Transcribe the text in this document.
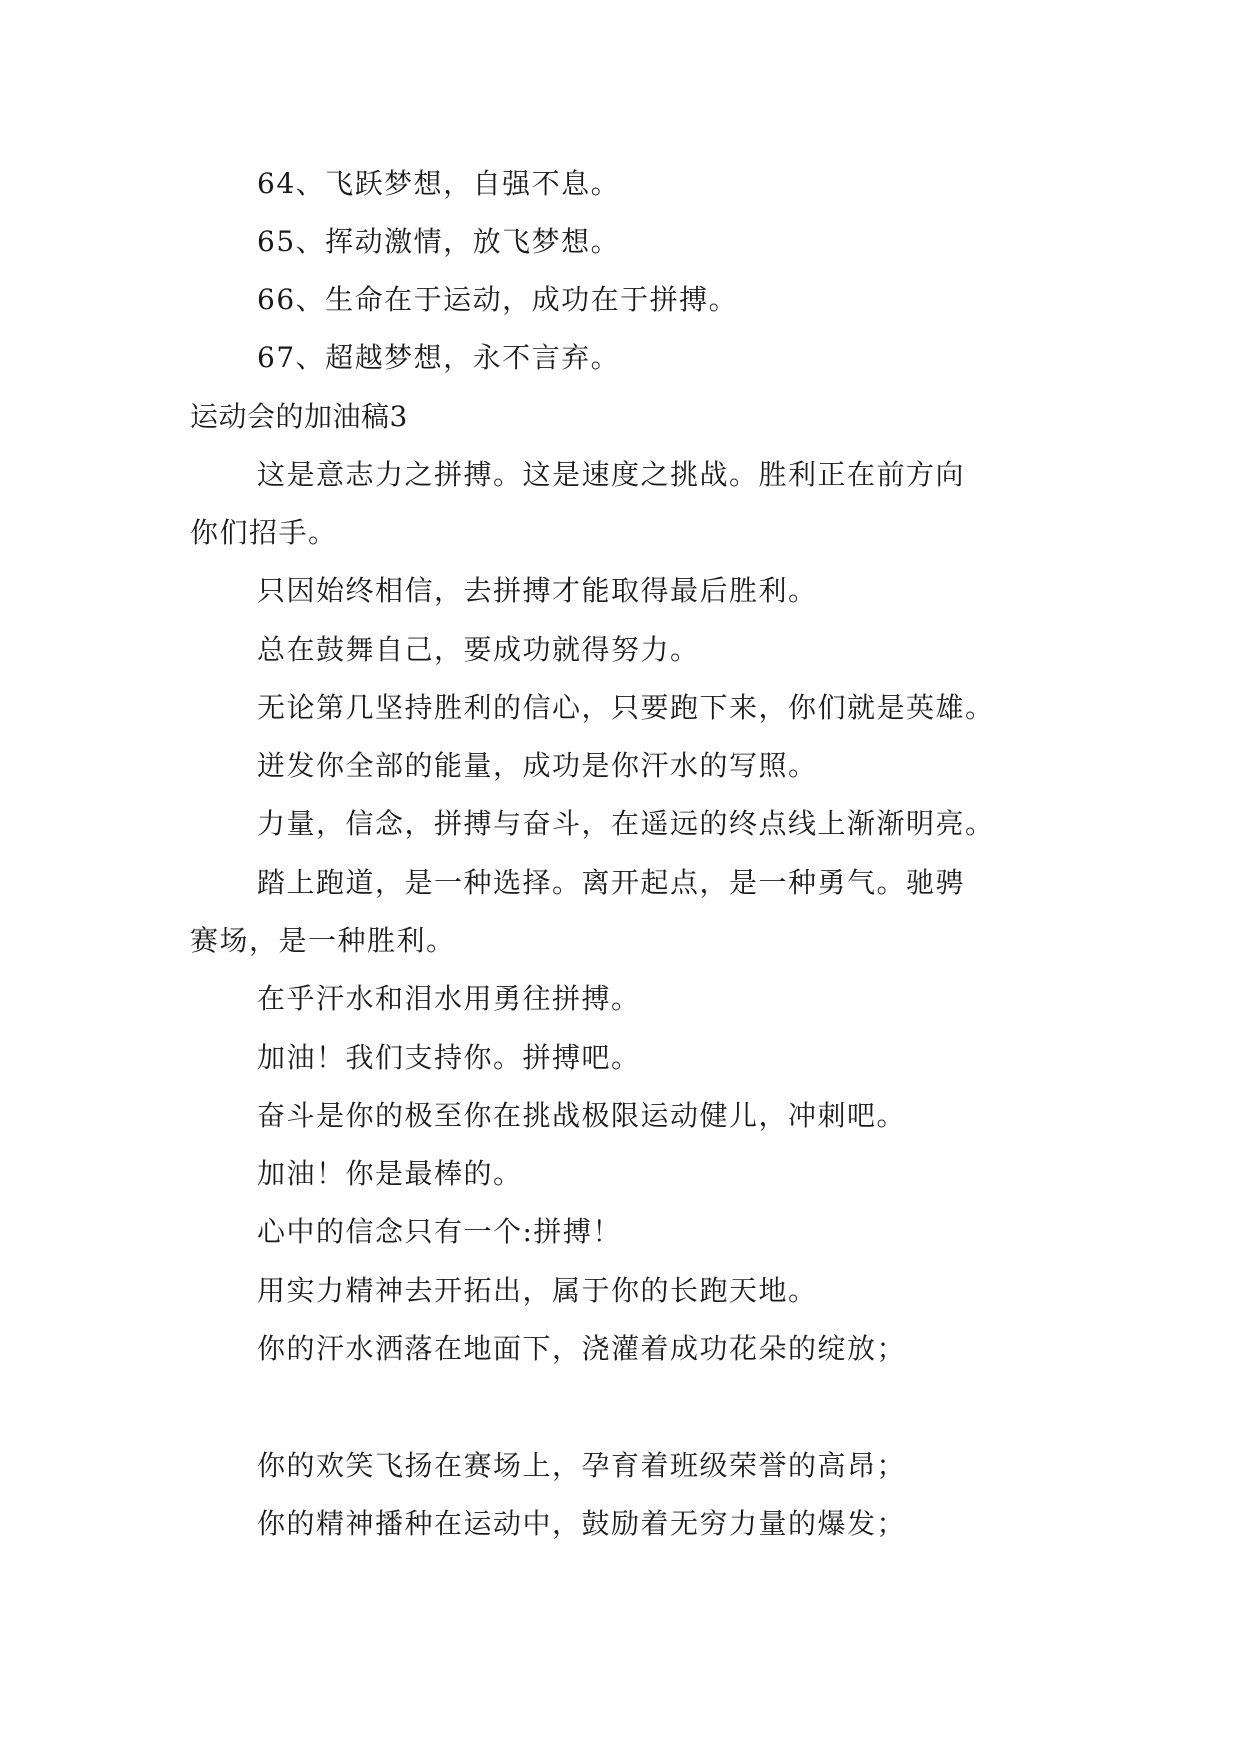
64、飞跃梦想，自强不息。
65、挥动激情，放飞梦想。
66、生命在于运动，成功在于拼搏。
67、超越梦想，永不言弃。
运动会的加油稿3
这是意志力之拼搏。这是速度之挑战。胜利正在前方向
你们招手。
只因始终相信，去拼搏才能取得最后胜利。
总在鼓舞自己，要成功就得努力。
无论第几坚持胜利的信心，只要跑下来，你们就是英雄。
迸发你全部的能量，成功是你汗水的写照。
力量，信念，拼搏与奋斗，在遥远的终点线上渐渐明亮。
踏上跑道，是一种选择。离开起点，是一种勇气。驰骋
赛场，是一种胜利。
在乎汗水和泪水用勇往拼搏。
加油！我们支持你。拼搏吧。
奋斗是你的极至你在挑战极限运动健儿，冲刺吧。
加油！你是最棒的。
心中的信念只有一个:拼搏！
用实力精神去开拓出，属于你的长跑天地。
你的汗水洒落在地面下，浇灌着成功花朵的绽放；
你的欢笑飞扬在赛场上，孕育着班级荣誉的高昂；
你的精神播种在运动中，鼓励着无穷力量的爆发；
